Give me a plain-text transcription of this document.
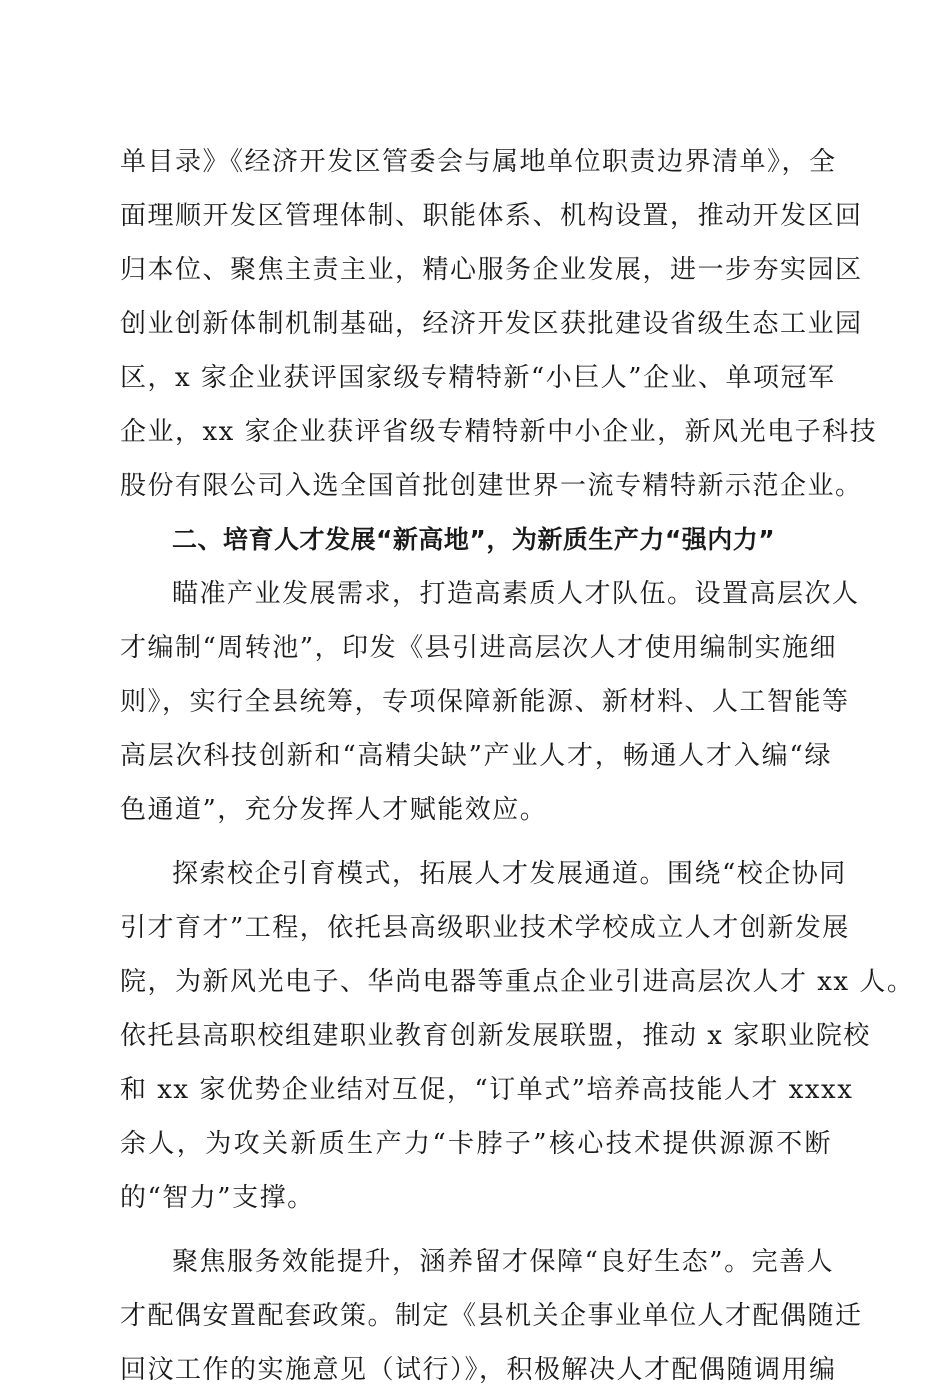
单目录》《经济开发区管委会与属地单位职责边界清单》，全
面理顺开发区管理体制、职能体系、机构设置，推动开发区回
归本位、聚焦主责主业，精心服务企业发展，进一步夯实园区
创业创新体制机制基础，经济开发区获批建设省级生态工业园
区，x 家企业获评国家级专精特新“小巨人”企业、单项冠军
企业，xx 家企业获评省级专精特新中小企业，新风光电子科技
股份有限公司入选全国首批创建世界一流专精特新示范企业。
二、培育人才发展“新高地”，为新质生产力“强内力”
瞄准产业发展需求，打造高素质人才队伍。设置高层次人
才编制“周转池”，印发《县引进高层次人才使用编制实施细
则》，实行全县统筹，专项保障新能源、新材料、人工智能等
高层次科技创新和“高精尖缺”产业人才，畅通人才入编“绿
色通道”，充分发挥人才赋能效应。
探索校企引育模式，拓展人才发展通道。围绕“校企协同
引才育才”工程，依托县高级职业技术学校成立人才创新发展
院，为新风光电子、华尚电器等重点企业引进高层次人才 xx 人。
依托县高职校组建职业教育创新发展联盟，推动 x 家职业院校
和 xx 家优势企业结对互促，“订单式”培养高技能人才 xxxx
余人，为攻关新质生产力“卡脖子”核心技术提供源源不断
的“智力”支撑。
聚焦服务效能提升，涵养留才保障“良好生态”。完善人
才配偶安置配套政策。制定《县机关企事业单位人才配偶随迁
回汶工作的实施意见（试行）》，积极解决人才配偶随调用编
